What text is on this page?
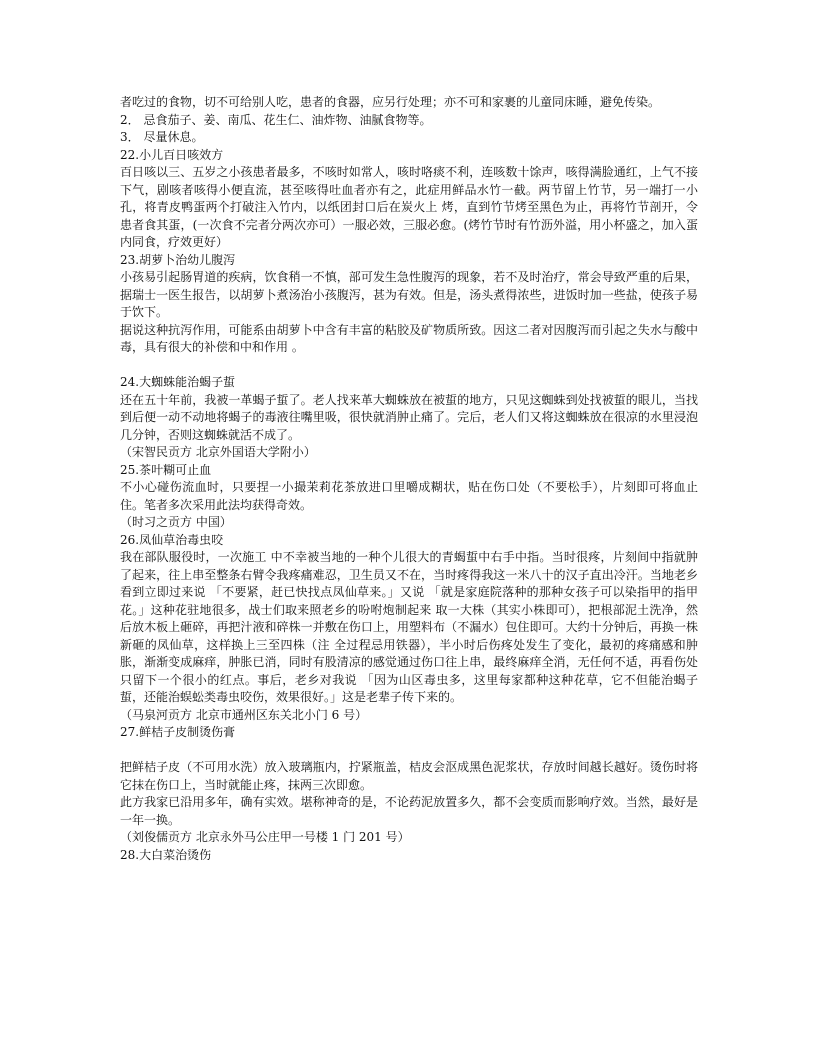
者吃过的食物，切不可给别人吃，患者的食器，应另行处理；亦不可和家裹的儿童同床睡，避免传染。

2． 忌食茄子、姜、南瓜、花生仁、油炸物、油腻食物等。

3． 尽量休息。

22.小儿百日咳效方

百日咳以三、五岁之小孩患者最多，不咳时如常人，咳时咯痰不利，连咳数十馀声，咳得满脸通红，上气不接下气，剧咳者咳得小便直流，甚至咳得吐血者亦有之，此症用鲜品水竹一截。两节留上竹节，另一端打一小孔，将青皮鸭蛋两个打破注入竹内，以纸团封口后在炭火上 烤，直到竹节烤至黑色为止，再将竹节剖开，令患者食其蛋，(一次食不完者分两次亦可）一服必效，三服必愈。(烤竹节时有竹沥外溢，用小杯盛之，加入蛋内同食，疗效更好）

23.胡萝卜治幼儿腹泻

小孩易引起肠胃道的疾病，饮食稍一不慎，部可发生急性腹泻的现象，若不及时治疗，常会导致严重的后果，据瑞士一医生报告，以胡萝卜煮汤治小孩腹泻，甚为有效。但是，汤头煮得浓些，进饭时加一些盐，使孩子易于饮下。

据说这种抗泻作用，可能系由胡萝卜中含有丰富的粘胶及矿物质所致。因这二者对因腹泻而引起之失水与酸中毒，具有很大的补偿和中和作用 。

24.大蜘蛛能治蝎子蜇

还在五十年前，我被一革蝎子蜇了。老人找来革大蜘蛛放在被蜇的地方，只见这蜘蛛到处找被蜇的眼儿，当找到后便一动不动地将蝎子的毒液往嘴里吸，很快就消肿止痛了。完后，老人们又将这蜘蛛放在很凉的水里浸泡几分钟，否则这蜘蛛就活不成了。

（宋智民贡方 北京外国语大学附小）

25.茶叶糊可止血

不小心碰伤流血时，只要捏一小撮茉莉花茶放进口里嚼成糊状，贴在伤口处（不要松手），片刻即可将血止住。笔者多次采用此法均获得奇效。

（时习之贡方 中国）

26.凤仙草治毒虫咬

我在部队服役时，一次施工 中不幸被当地的一种个儿很大的青蝎蜇中右手中指。当时很疼，片刻间中指就肿了起来，往上串至整条右臂令我疼痛难忍，卫生员又不在，当时疼得我这一米八十的汉子直出冷汗。当地老乡看到立即过来说 「不要紧，赶已快找点凤仙草来。」又说 「就是家庭院落种的那种女孩子可以染指甲的指甲花。」这种花驻地很多，战士们取来照老乡的吩咐炮制起来 取一大株（其实小株即可），把根部泥土洗净，然后放木板上砸碎，再把汁液和碎株一并敷在伤口上，用塑料布（不漏水）包住即可。大约十分钟后，再换一株新砸的凤仙草，这样换上三至四株（注 全过程忌用铁器），半小时后伤疼处发生了变化，最初的疼痛感和肿胀，渐渐变成麻痒，肿胀已消，同时有股清凉的感觉通过伤口往上串，最终麻痒全消，无任何不适，再看伤处只留下一个很小的红点。事后，老乡对我说 「因为山区毒虫多，这里每家都种这种花草，它不但能治蝎子蜇，还能治蜈蚣类毒虫咬伤，效果很好。」这是老辈子传下来的。

（马泉河贡方 北京市通州区东关北小门 6 号）

27.鲜桔子皮制烫伤膏

把鲜桔子皮（不可用水洗）放入玻璃瓶内，拧紧瓶盖，桔皮会沤成黑色泥浆状，存放时间越长越好。烫伤时将它抹在伤口上，当时就能止疼，抹两三次即愈。

此方我家已沿用多年，确有实效。堪称神奇的是，不论药泥放置多久，都不会变质而影响疗效。当然，最好是一年一换。

（刘俊儒贡方 北京永外马公庄甲一号楼 1 门 201 号）

28.大白菜治烫伤
